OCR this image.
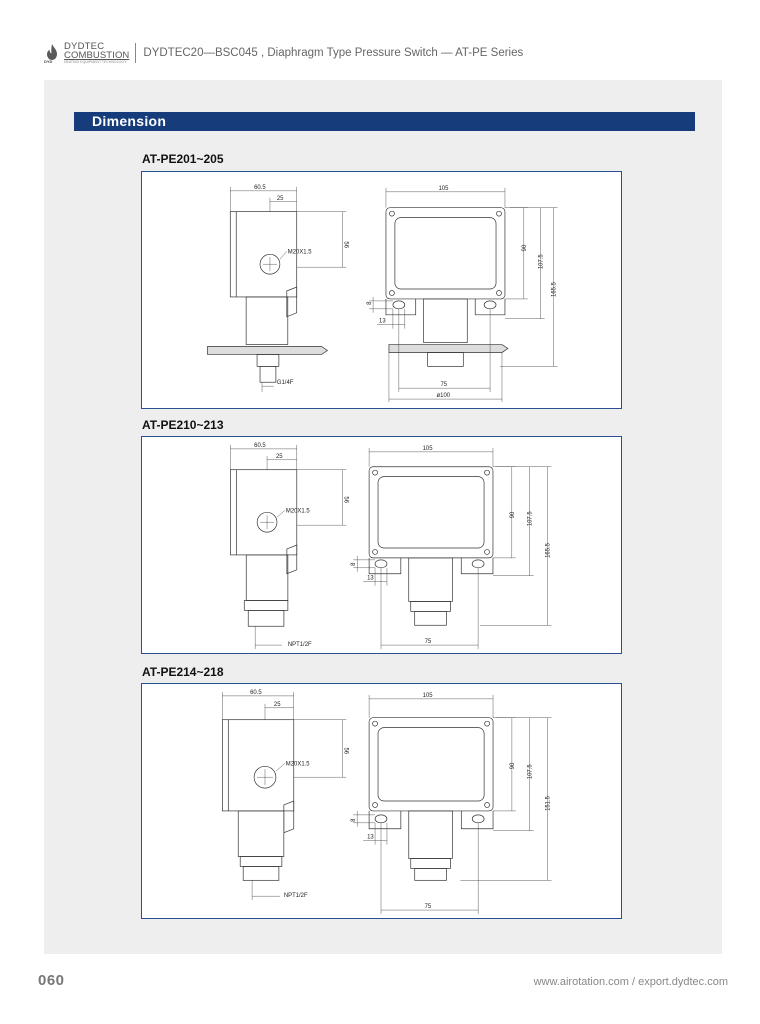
DYD
DYDTEC
COMBUSTION
HEATING EQUIPMENT TECHNOLOGY
DYDTEC20—BSC045 , Diaphragm Type Pressure Switch — AT-PE Series
Dimension
AT-PE201~205
60.5
25
56
M20X1.5
G1/4F
105
90
107.5
165.5
8
13
75
ø100
AT-PE210~213
60.5
25
56
M20X1.5
NPT1/2F
105
90 107.5
165.5
8
13
75
AT-PE214~218
60.5
25
56
M20X1.5
NPT1/2F
105
90 107.5
151.5
8
13
75
060	www.airotation.com / export.dydtec.com
